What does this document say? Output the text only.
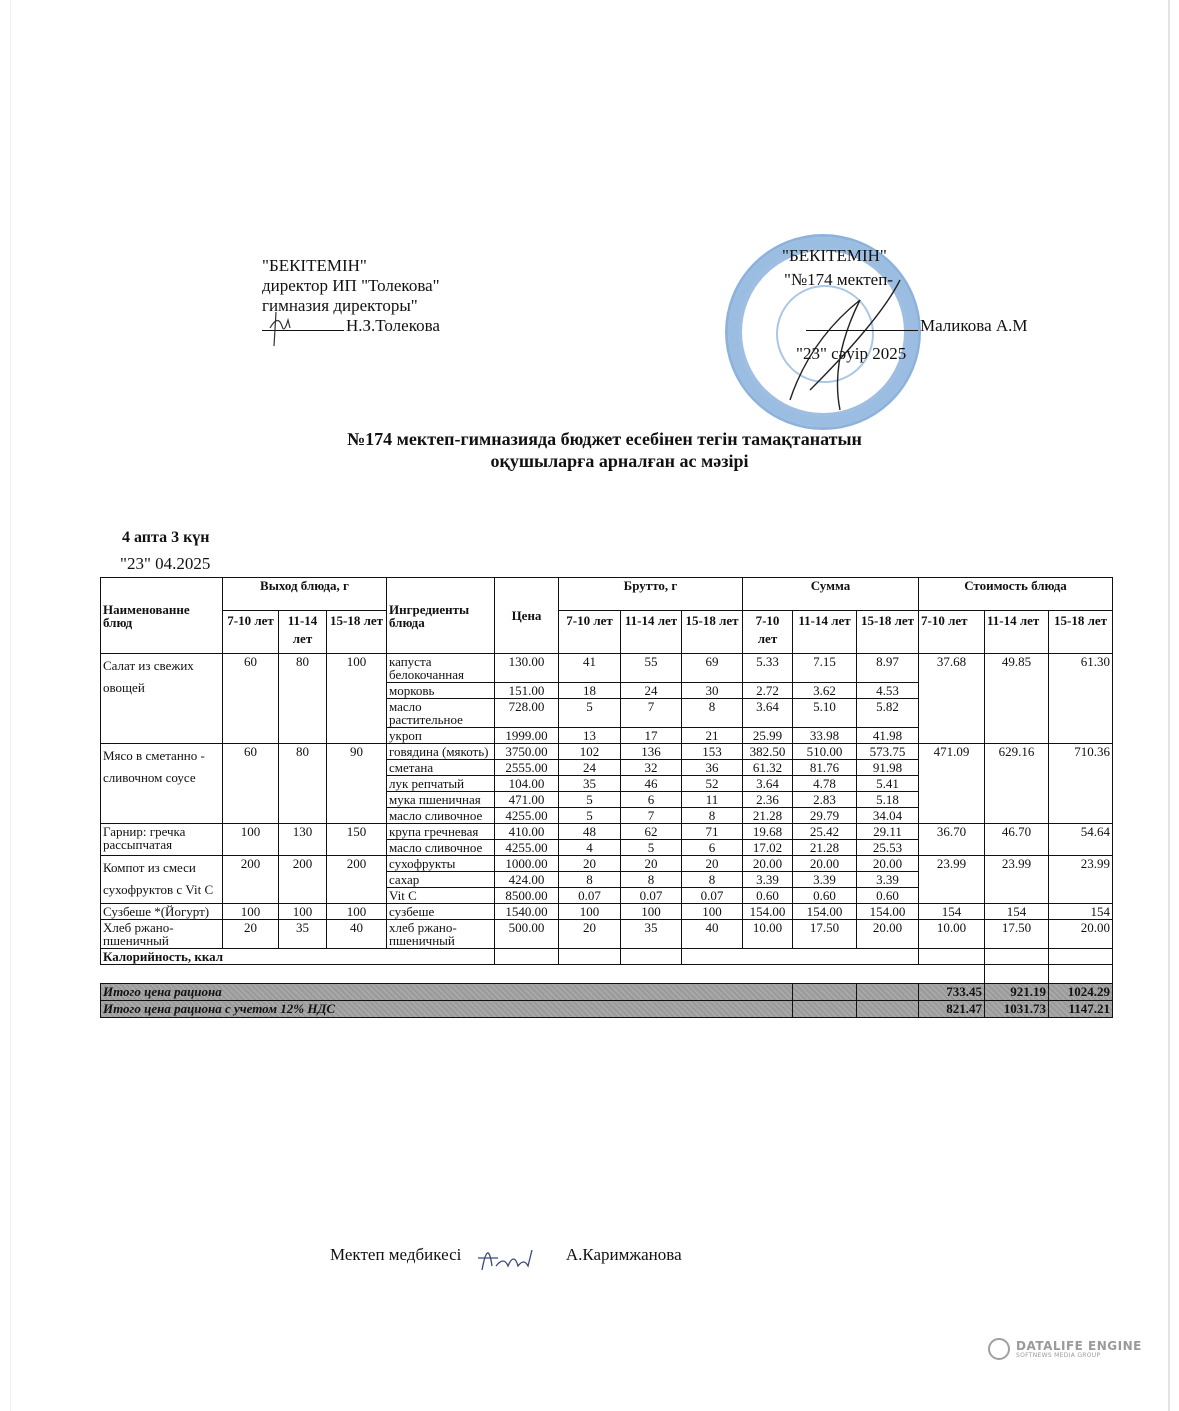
"БЕКІТЕМІН"
директор ИП "Толекова"
гимназия директоры"
Н.З.Толекова
"БЕКІТЕМІН"
"№174 мектеп-
Маликова А.М
"23" сәуір 2025
№174 мектеп-гимназияда бюджет есебінен тегін тамақтанатын
оқушыларға арналған ас мәзірі
4 апта 3 күн
"23" 04.2025
Наименованне блюд	Выход блюда, г			Ингредиенты блюда	Цена	Брутто, г			Сумма			Стоимость блюда		
	7-10 лет	11-14 лет	15-18 лет			7-10 лет	11-14 лет	15-18 лет	7-10 лет	11-14 лет	15-18 лет	7-10 лет	11-14 лет	15-18 лет
Салат из свежих овощей	60	80	100	капуста белокочанная	130.00	41	55	69	5.33	7.15	8.97	37.68	49.85	61.30
				морковь	151.00	18	24	30	2.72	3.62	4.53			
				масло растительное	728.00	5	7	8	3.64	5.10	5.82			
				укроп	1999.00	13	17	21	25.99	33.98	41.98			
Мясо в сметанно - сливочном соусе	60	80	90	говядина (мякоть)	3750.00	102	136	153	382.50	510.00	573.75	471.09	629.16	710.36
				сметана	2555.00	24	32	36	61.32	81.76	91.98			
				лук репчатый	104.00	35	46	52	3.64	4.78	5.41			
				мука пшеничная	471.00	5	6	11	2.36	2.83	5.18			
				масло сливочное	4255.00	5	7	8	21.28	29.79	34.04			
Гарнир: гречка рассыпчатая	100	130	150	крупа гречневая	410.00	48	62	71	19.68	25.42	29.11	36.70	46.70	54.64
				масло сливочное	4255.00	4	5	6	17.02	21.28	25.53			
Компот из смеси сухофруктов с Vit C	200	200	200	сухофрукты	1000.00	20	20	20	20.00	20.00	20.00	23.99	23.99	23.99
				сахар	424.00	8	8	8	3.39	3.39	3.39			
				Vit C	8500.00	0.07	0.07	0.07	0.60	0.60	0.60			
Сузбеше *(Йогурт)	100	100	100	сузбеше	1540.00	100	100	100	154.00	154.00	154.00	154	154	154
Хлеб ржано-пшеничный	20	35	40	хлеб ржано-пшеничный	500.00	20	35	40	10.00	17.50	20.00	10.00	17.50	20.00
Калорийность, ккал														

Итого цена рациона												733.45	921.19	1024.29
Итого цена рациона с учетом 12% НДС												821.47	1031.73	1147.21
Мектеп медбикесі	А.Каримжанова
DATALIFE ENGINE
SOFTNEWS MEDIA GROUP
